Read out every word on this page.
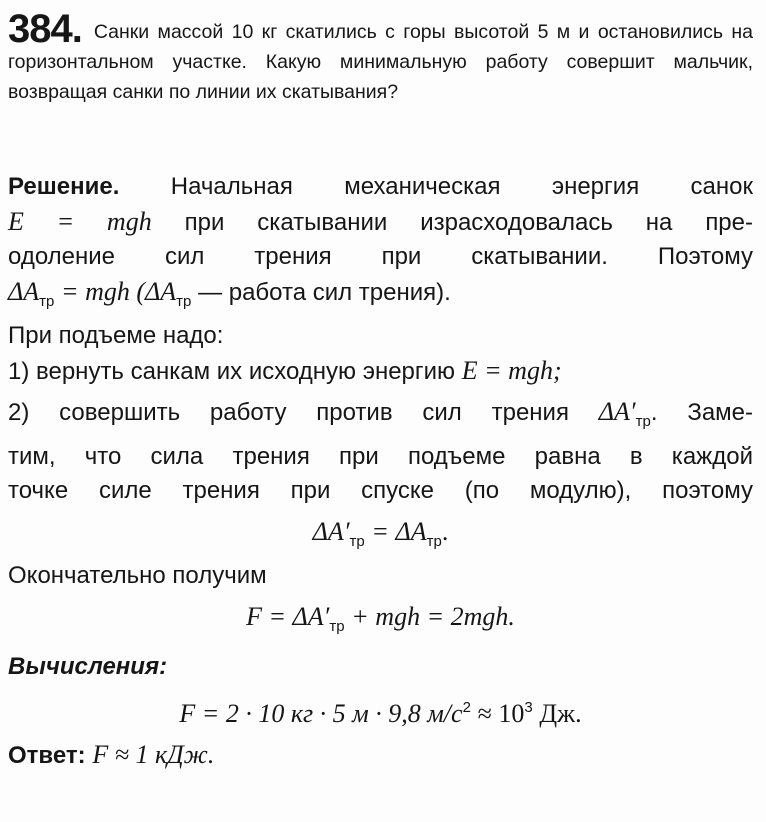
384. Санки массой 10 кг скатились с горы высотой 5 м и остановились на горизонтальном участке. Какую минимальную работу совершит мальчик, возвращая санки по линии их скатывания?
Решение. Начальная механическая энергия санок
E = mgh при скатывании израсходовалась на пре-
одоление сил трения при скатывании. Поэтому
$\Delta A_{тр}$ = mgh ($\Delta A_{тр}$ — работа сил трения).
При подъеме надо:
1) вернуть санкам их исходную энергию E = mgh;
2) совершить работу против сил трения $\Delta A'_{тр}$. Заме-
тим, что сила трения при подъеме равна в каждой
точке силе трения при спуске (по модулю), поэтому
$\Delta A'_{тр} = \Delta A_{тр}$.
Окончательно получим
$F = \Delta A'_{тр}$ + mgh = 2mgh.
Вычисления:
F = 2 · 10 кг · 5 м · 9,8 $м/с^2 \approx 10^3$ Дж.
Ответ: F ≈ 1 кДж.
